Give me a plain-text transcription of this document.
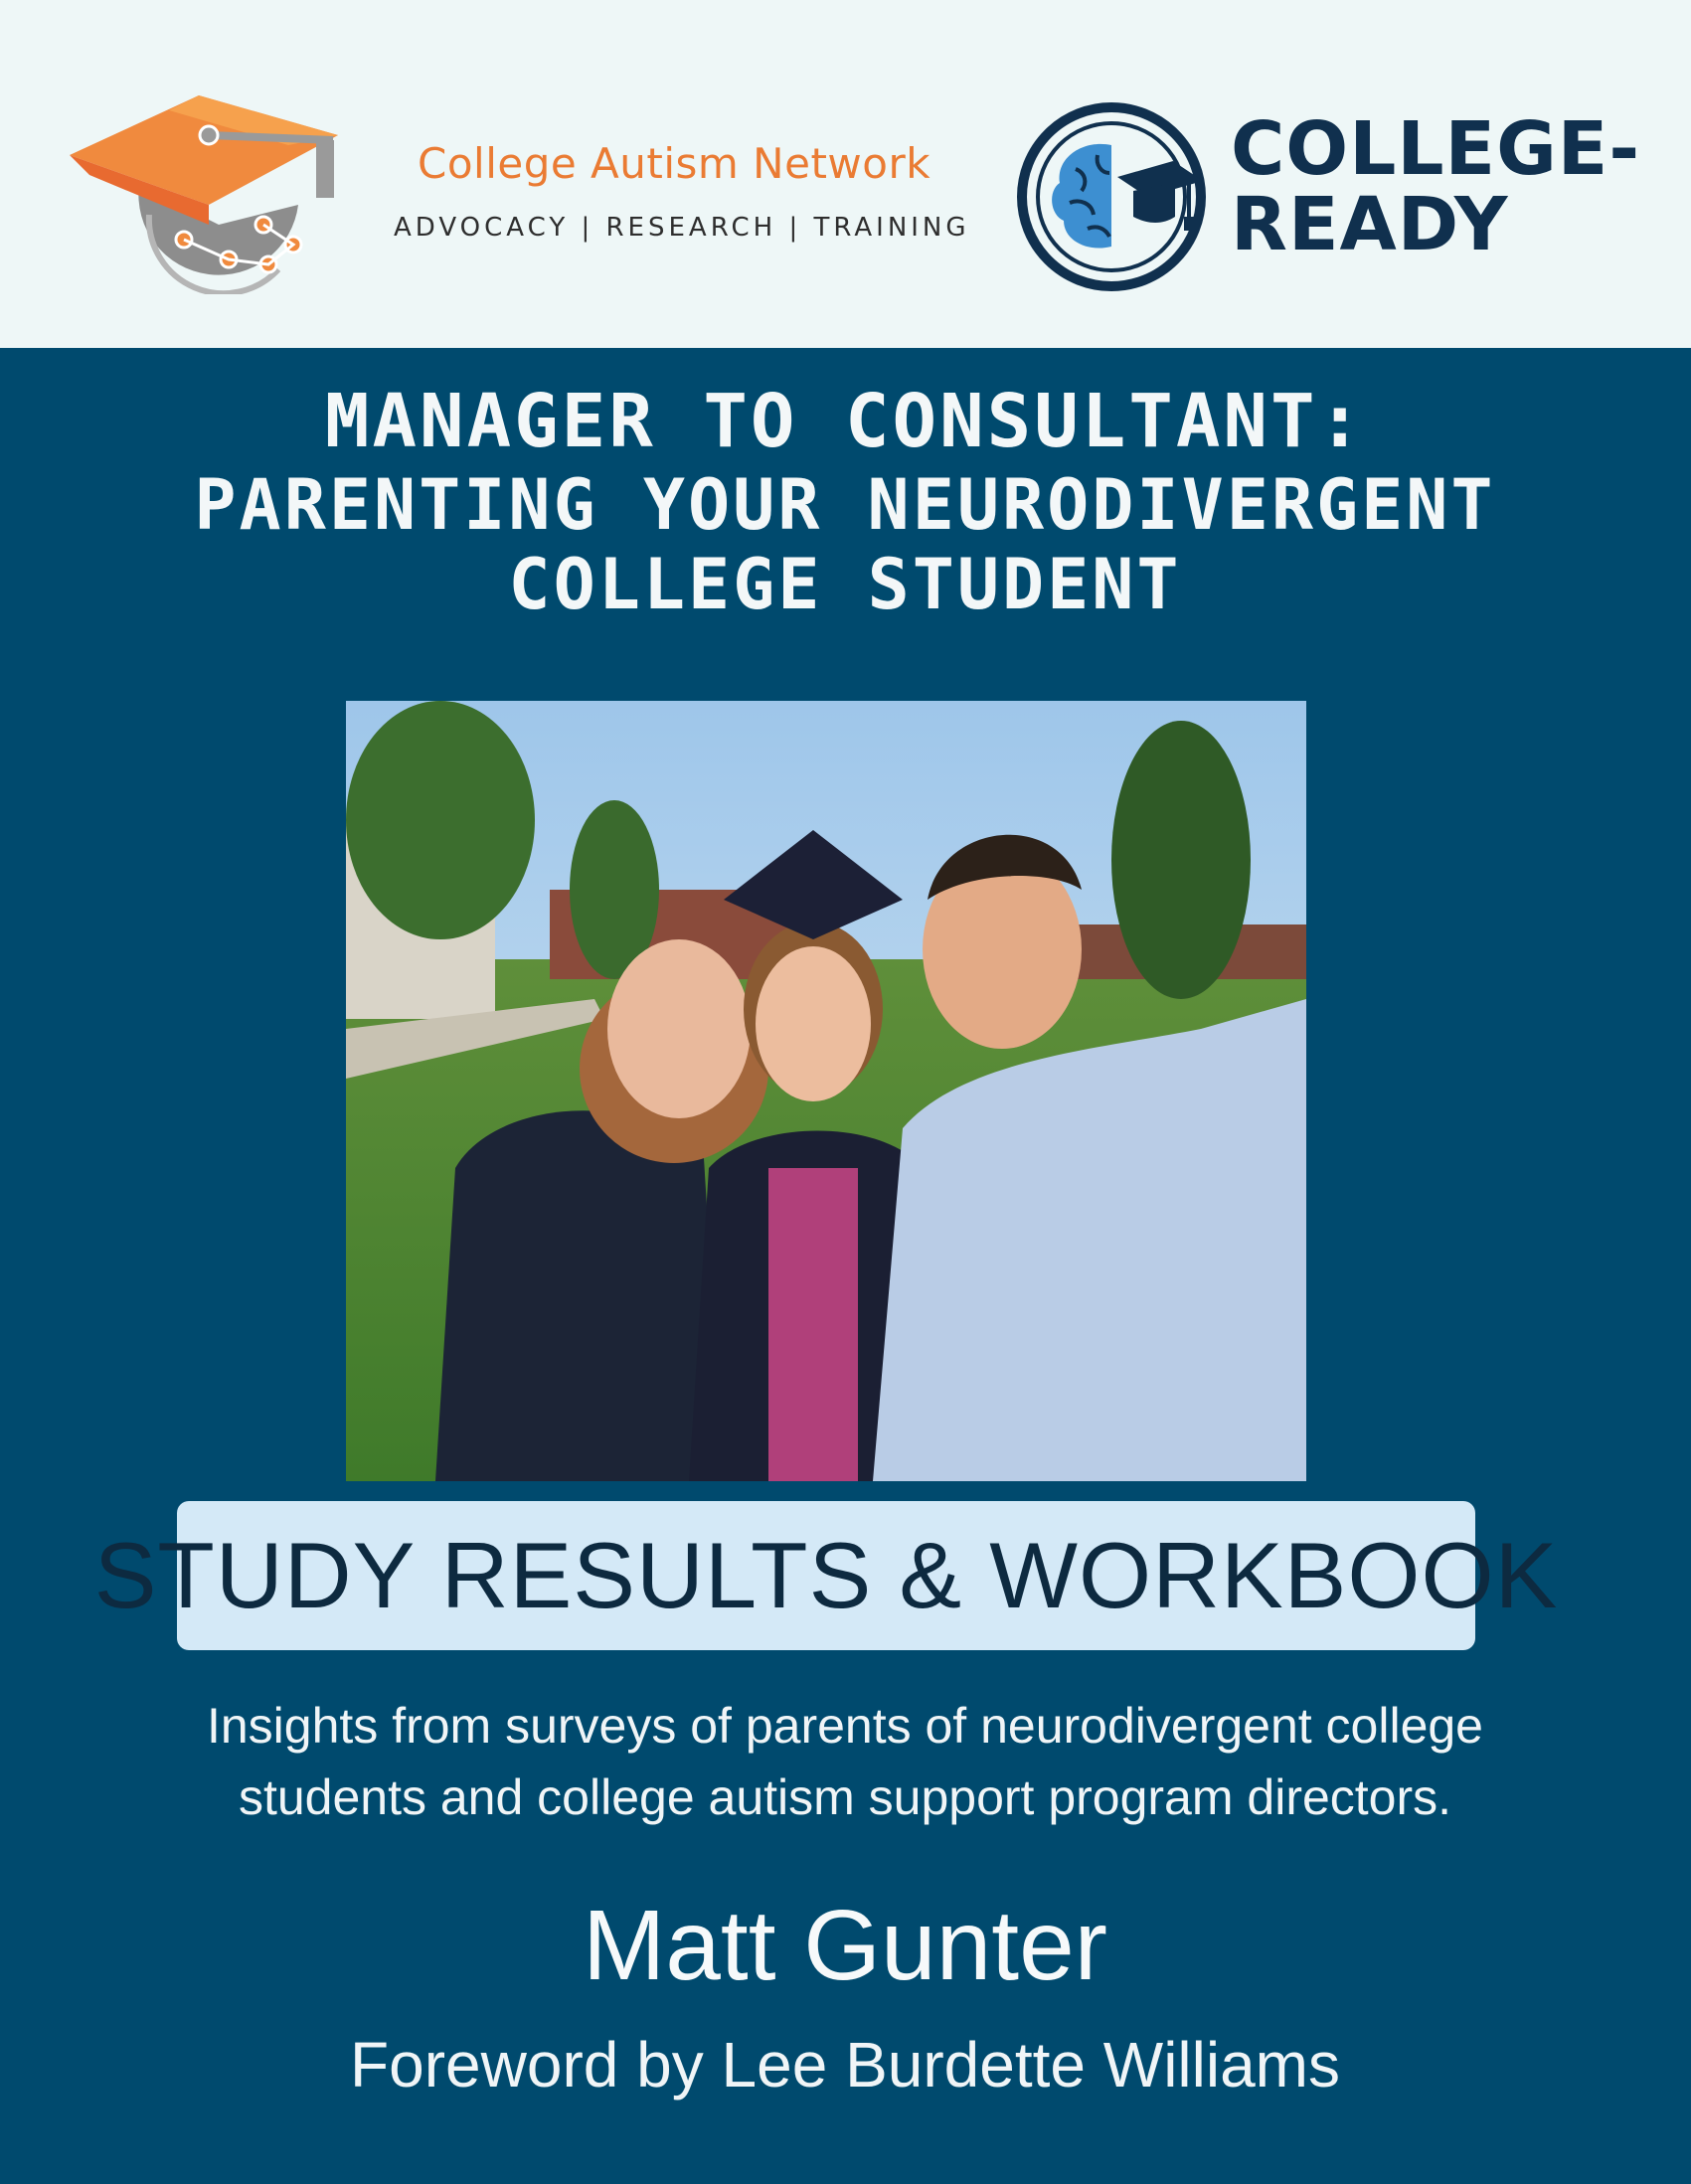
College Autism Network
ADVOCACY | RESEARCH | TRAINING
COLLEGE-
READY
MANAGER TO CONSULTANT:
PARENTING YOUR NEURODIVERGENT
COLLEGE STUDENT
STUDY RESULTS & WORKBOOK
Insights from surveys of parents of neurodivergent college
students and college autism support program directors.
Matt Gunter
Foreword by Lee Burdette Williams
